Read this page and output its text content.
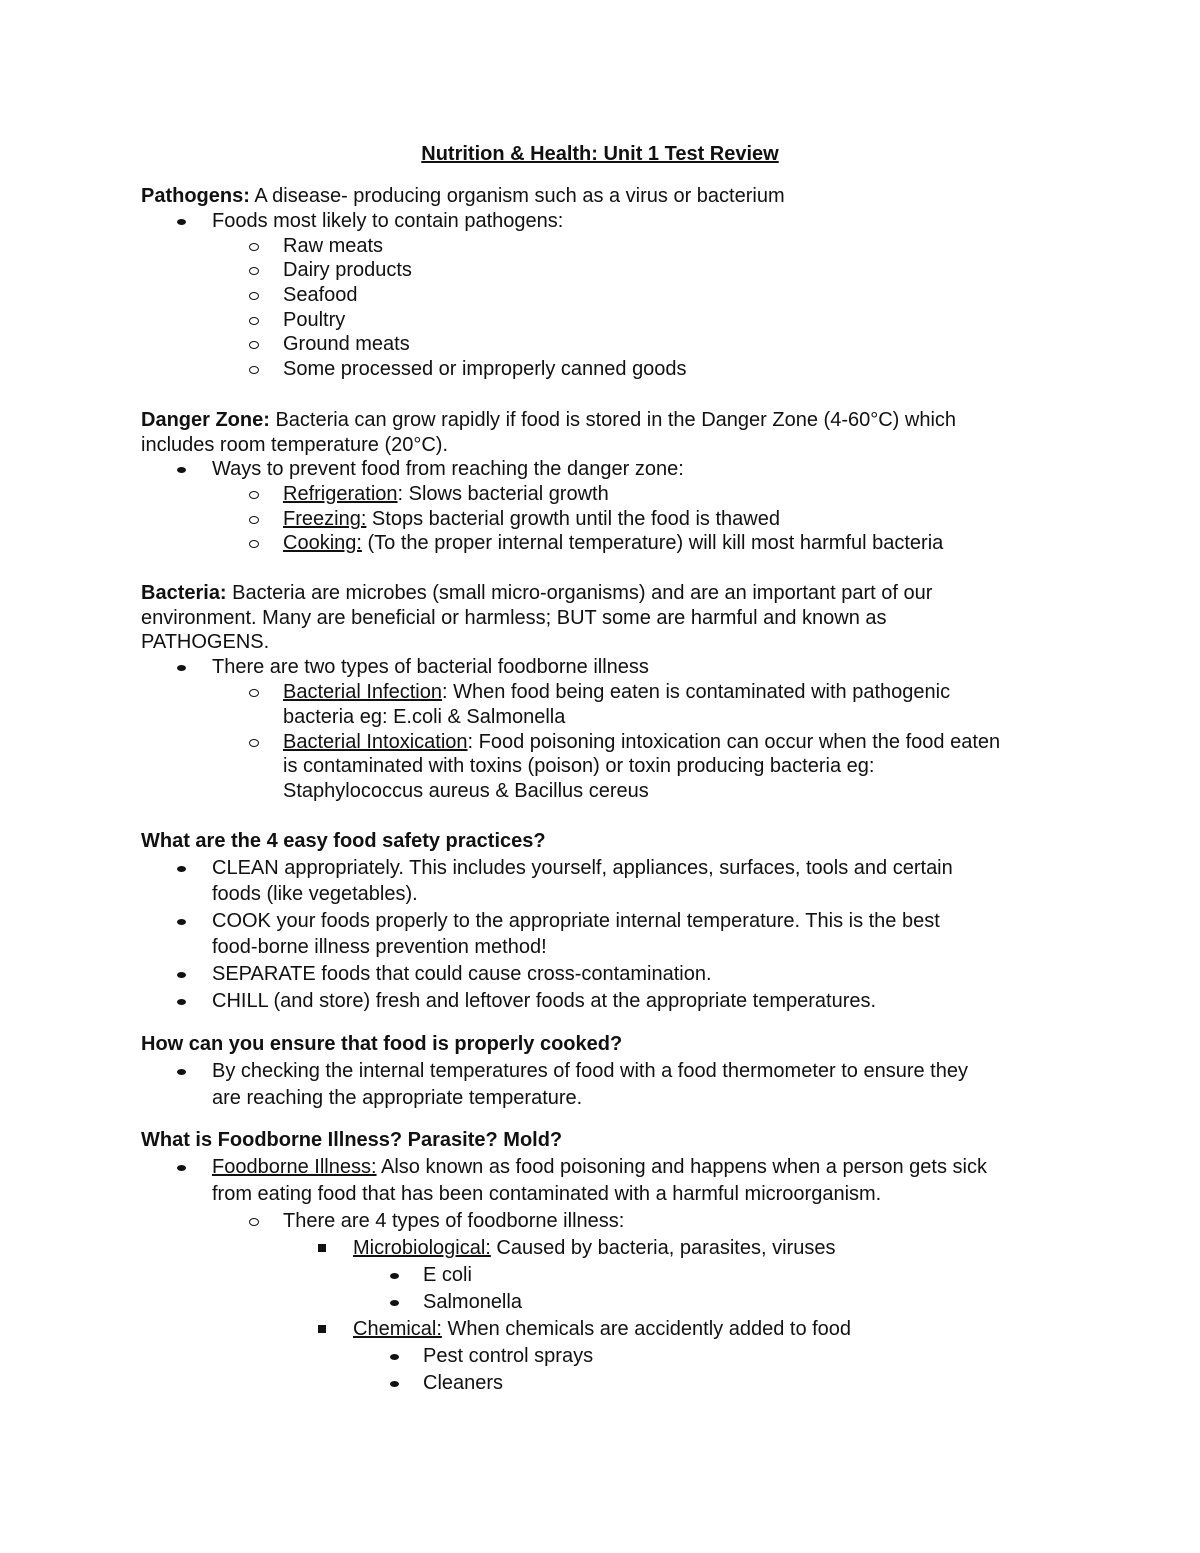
Nutrition & Health: Unit 1 Test Review
Pathogens: A disease- producing organism such as a virus or bacterium
Foods most likely to contain pathogens:
Raw meats
Dairy products
Seafood
Poultry
Ground meats
Some processed or improperly canned goods
Danger Zone: Bacteria can grow rapidly if food is stored in the Danger Zone (4-60°C) which
includes room temperature (20°C).
Ways to prevent food from reaching the danger zone:
Refrigeration: Slows bacterial growth
Freezing: Stops bacterial growth until the food is thawed
Cooking: (To the proper internal temperature) will kill most harmful bacteria
Bacteria: Bacteria are microbes (small micro-organisms) and are an important part of our
environment. Many are beneficial or harmless; BUT some are harmful and known as
PATHOGENS.
There are two types of bacterial foodborne illness
Bacterial Infection: When food being eaten is contaminated with pathogenic
bacteria eg: E.coli & Salmonella
Bacterial Intoxication: Food poisoning intoxication can occur when the food eaten
is contaminated with toxins (poison) or toxin producing bacteria eg:
Staphylococcus aureus & Bacillus cereus
What are the 4 easy food safety practices?
CLEAN appropriately. This includes yourself, appliances, surfaces, tools and certain
foods (like vegetables).
COOK your foods properly to the appropriate internal temperature. This is the best
food-borne illness prevention method!
SEPARATE foods that could cause cross-contamination.
CHILL (and store) fresh and leftover foods at the appropriate temperatures.
How can you ensure that food is properly cooked?
By checking the internal temperatures of food with a food thermometer to ensure they
are reaching the appropriate temperature.
What is Foodborne Illness? Parasite? Mold?
Foodborne Illness: Also known as food poisoning and happens when a person gets sick
from eating food that has been contaminated with a harmful microorganism.
There are 4 types of foodborne illness:
Microbiological: Caused by bacteria, parasites, viruses
E coli
Salmonella
Chemical: When chemicals are accidently added to food
Pest control sprays
Cleaners
